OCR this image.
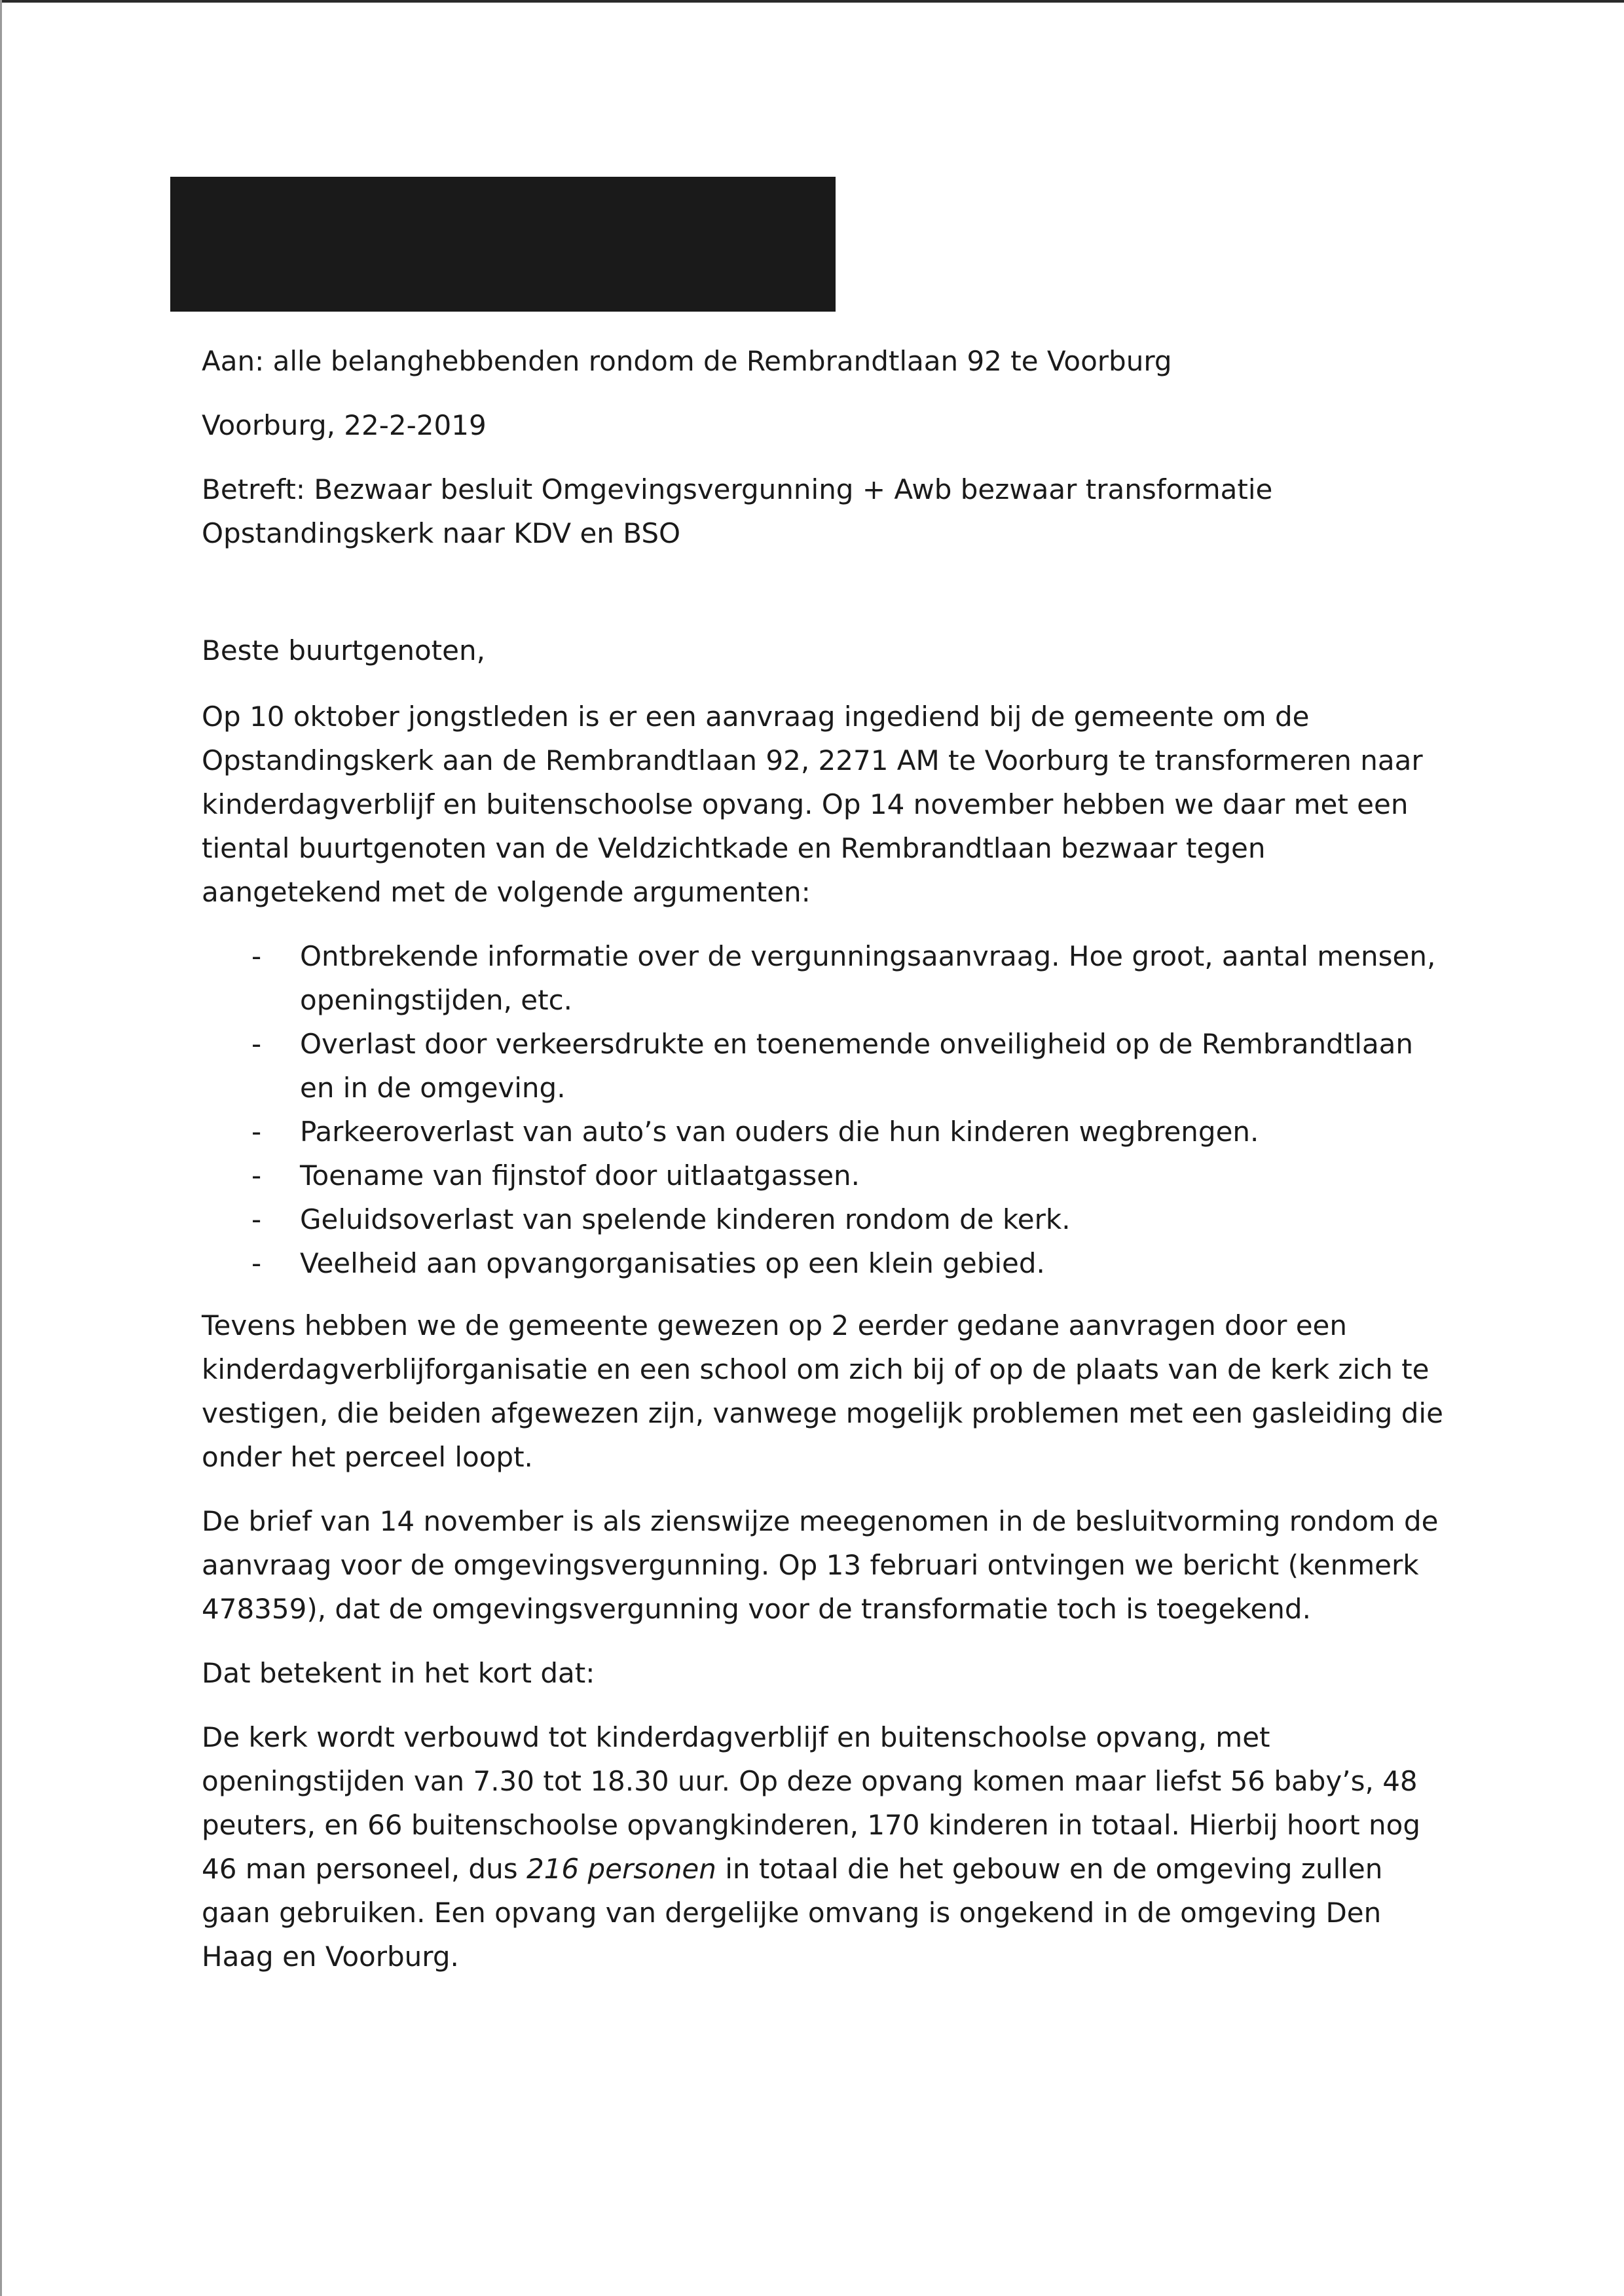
Aan: alle belanghebbenden rondom de Rembrandtlaan 92 te Voorburg

Voorburg, 22-2-2019

Betreft: Bezwaar besluit Omgevingsvergunning + Awb bezwaar transformatie
Opstandingskerk naar KDV en BSO

Beste buurtgenoten,

Op 10 oktober jongstleden is er een aanvraag ingediend bij de gemeente om de Opstandingskerk aan de Rembrandtlaan 92, 2271 AM te Voorburg te transformeren naar kinderdagverblijf en buitenschoolse opvang. Op 14 november hebben we daar met een tiental buurtgenoten van de Veldzichtkade en Rembrandtlaan bezwaar tegen aangetekend met de volgende argumenten:

- Ontbrekende informatie over de vergunningsaanvraag. Hoe groot, aantal mensen, openingstijden, etc.
- Overlast door verkeersdrukte en toenemende onveiligheid op de Rembrandtlaan en in de omgeving.
- Parkeeroverlast van auto’s van ouders die hun kinderen wegbrengen.
- Toename van fijnstof door uitlaatgassen.
- Geluidsoverlast van spelende kinderen rondom de kerk.
- Veelheid aan opvangorganisaties op een klein gebied.

Tevens hebben we de gemeente gewezen op 2 eerder gedane aanvragen door een kinderdagverblijforganisatie en een school om zich bij of op de plaats van de kerk zich te vestigen, die beiden afgewezen zijn, vanwege mogelijk problemen met een gasleiding die onder het perceel loopt.

De brief van 14 november is als zienswijze meegenomen in de besluitvorming rondom de aanvraag voor de omgevingsvergunning. Op 13 februari ontvingen we bericht (kenmerk 478359), dat de omgevingsvergunning voor de transformatie toch is toegekend.

Dat betekent in het kort dat:

De kerk wordt verbouwd tot kinderdagverblijf en buitenschoolse opvang, met openingstijden van 7.30 tot 18.30 uur. Op deze opvang komen maar liefst 56 baby’s, 48 peuters, en 66 buitenschoolse opvangkinderen, 170 kinderen in totaal. Hierbij hoort nog 46 man personeel, dus 216 personen in totaal die het gebouw en de omgeving zullen gaan gebruiken. Een opvang van dergelijke omvang is ongekend in de omgeving Den Haag en Voorburg.
